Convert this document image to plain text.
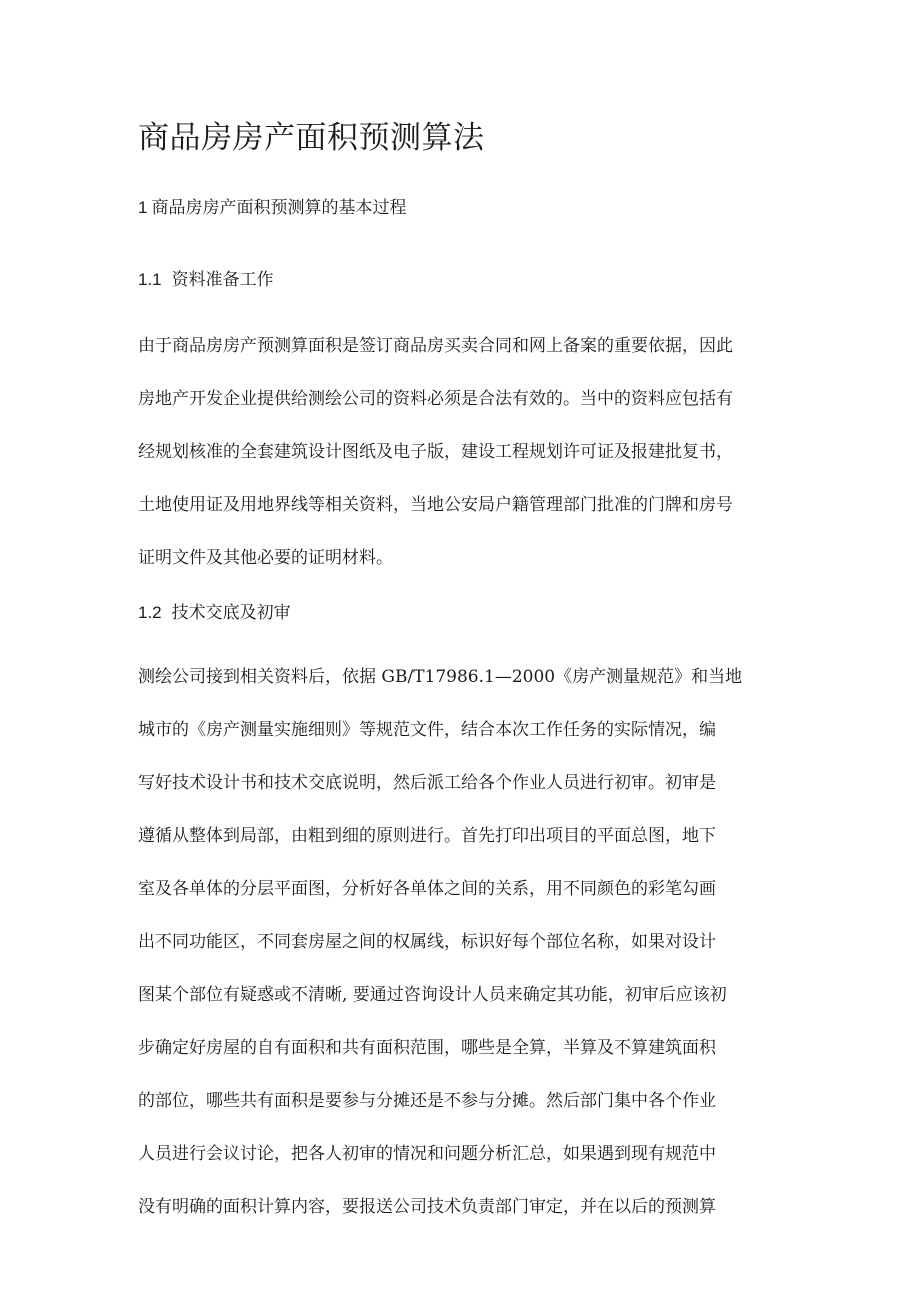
商品房房产面积预测算法
1 商品房房产面积预测算的基本过程
1.1 资料准备工作
由于商品房房产预测算面积是签订商品房买卖合同和网上备案的重要依据，因此
房地产开发企业提供给测绘公司的资料必须是合法有效的。当中的资料应包括有
经规划核准的全套建筑设计图纸及电子版，建设工程规划许可证及报建批复书，
土地使用证及用地界线等相关资料，当地公安局户籍管理部门批准的门牌和房号
证明文件及其他必要的证明材料。
1.2 技术交底及初审
测绘公司接到相关资料后，依据 GB/T17986.1—2000《房产测量规范》和当地
城市的《房产测量实施细则》等规范文件，结合本次工作任务的实际情况，编
写好技术设计书和技术交底说明，然后派工给各个作业人员进行初审。初审是
遵循从整体到局部，由粗到细的原则进行。首先打印出项目的平面总图，地下
室及各单体的分层平面图，分析好各单体之间的关系，用不同颜色的彩笔勾画
出不同功能区，不同套房屋之间的权属线，标识好每个部位名称，如果对设计
图某个部位有疑惑或不清晰, 要通过咨询设计人员来确定其功能，初审后应该初
步确定好房屋的自有面积和共有面积范围，哪些是全算，半算及不算建筑面积
的部位，哪些共有面积是要参与分摊还是不参与分摊。然后部门集中各个作业
人员进行会议讨论，把各人初审的情况和问题分析汇总，如果遇到现有规范中
没有明确的面积计算内容，要报送公司技术负责部门审定，并在以后的预测算
